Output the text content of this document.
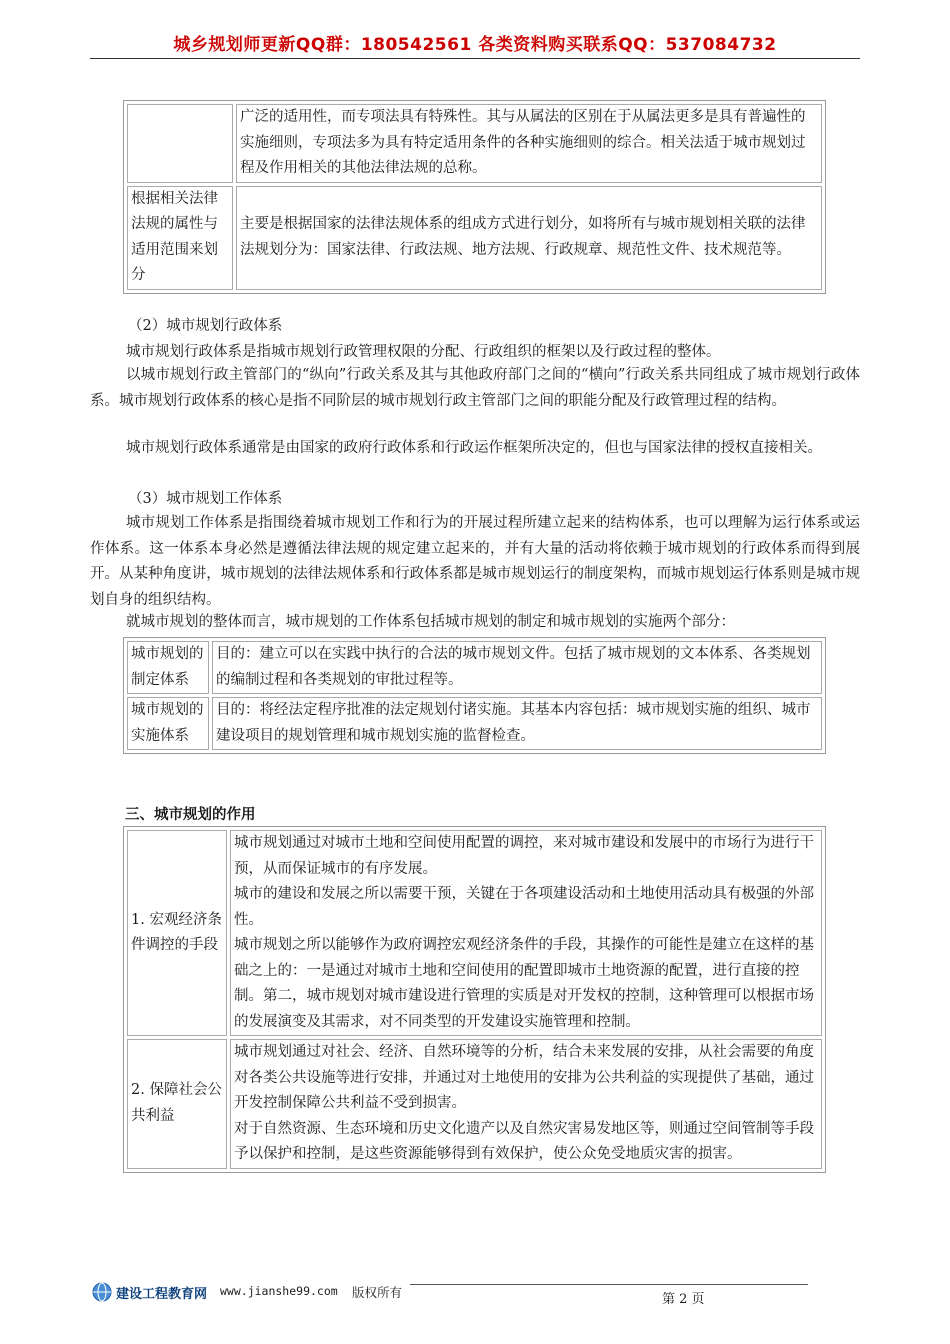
城乡规划师更新QQ群：180542561 各类资料购买联系QQ：537084732
	广泛的适用性，而专项法具有特殊性。其与从属法的区别在于从属法更多是具有普遍性的实施细则，专项法多为具有特定适用条件的各种实施细则的综合。相关法适于城市规划过程及作用相关的其他法律法规的总称。
根据相关法律法规的属性与适用范围来划分	主要是根据国家的法律法规体系的组成方式进行划分，如将所有与城市规划相关联的法律法规划分为：国家法律、行政法规、地方法规、行政规章、规范性文件、技术规范等。

（2）城市规划行政体系

城市规划行政体系是指城市规划行政管理权限的分配、行政组织的框架以及行政过程的整体。

以城市规划行政主管部门的“纵向”行政关系及其与其他政府部门之间的“横向”行政关系共同组成了城市规划行政体系。城市规划行政体系的核心是指不同阶层的城市规划行政主管部门之间的职能分配及行政管理过程的结构。

城市规划行政体系通常是由国家的政府行政体系和行政运作框架所决定的，但也与国家法律的授权直接相关。

（3）城市规划工作体系

城市规划工作体系是指围绕着城市规划工作和行为的开展过程所建立起来的结构体系，也可以理解为运行体系或运作体系。这一体系本身必然是遵循法律法规的规定建立起来的，并有大量的活动将依赖于城市规划的行政体系而得到展开。从某种角度讲，城市规划的法律法规体系和行政体系都是城市规划运行的制度架构，而城市规划运行体系则是城市规划自身的组织结构。

就城市规划的整体而言，城市规划的工作体系包括城市规划的制定和城市规划的实施两个部分：

城市规划的制定体系	目的：建立可以在实践中执行的合法的城市规划文件。包括了城市规划的文本体系、各类规划的编制过程和各类规划的审批过程等。
城市规划的实施体系	目的：将经法定程序批准的法定规划付诸实施。其基本内容包括：城市规划实施的组织、城市建设项目的规划管理和城市规划实施的监督检查。
三、城市规划的作用
1. 宏观经济条件调控的手段	城市规划通过对城市土地和空间使用配置的调控，来对城市建设和发展中的市场行为进行干预，从而保证城市的有序发展。
城市的建设和发展之所以需要干预，关键在于各项建设活动和土地使用活动具有极强的外部性。
城市规划之所以能够作为政府调控宏观经济条件的手段，其操作的可能性是建立在这样的基础之上的：一是通过对城市土地和空间使用的配置即城市土地资源的配置，进行直接的控制。第二，城市规划对城市建设进行管理的实质是对开发权的控制，这种管理可以根据市场的发展演变及其需求，对不同类型的开发建设实施管理和控制。

2. 保障社会公共利益	城市规划通过对社会、经济、自然环境等的分析，结合未来发展的安排，从社会需要的角度对各类公共设施等进行安排，并通过对土地使用的安排为公共利益的实现提供了基础，通过开发控制保障公共利益不受到损害。
对于自然资源、生态环境和历史文化遗产以及自然灾害易发地区等，则通过空间管制等手段予以保护和控制，是这些资源能够得到有效保护，使公众免受地质灾害的损害。
建设工程教育网 www.jianshe99.com 版权所有	第 2 页
